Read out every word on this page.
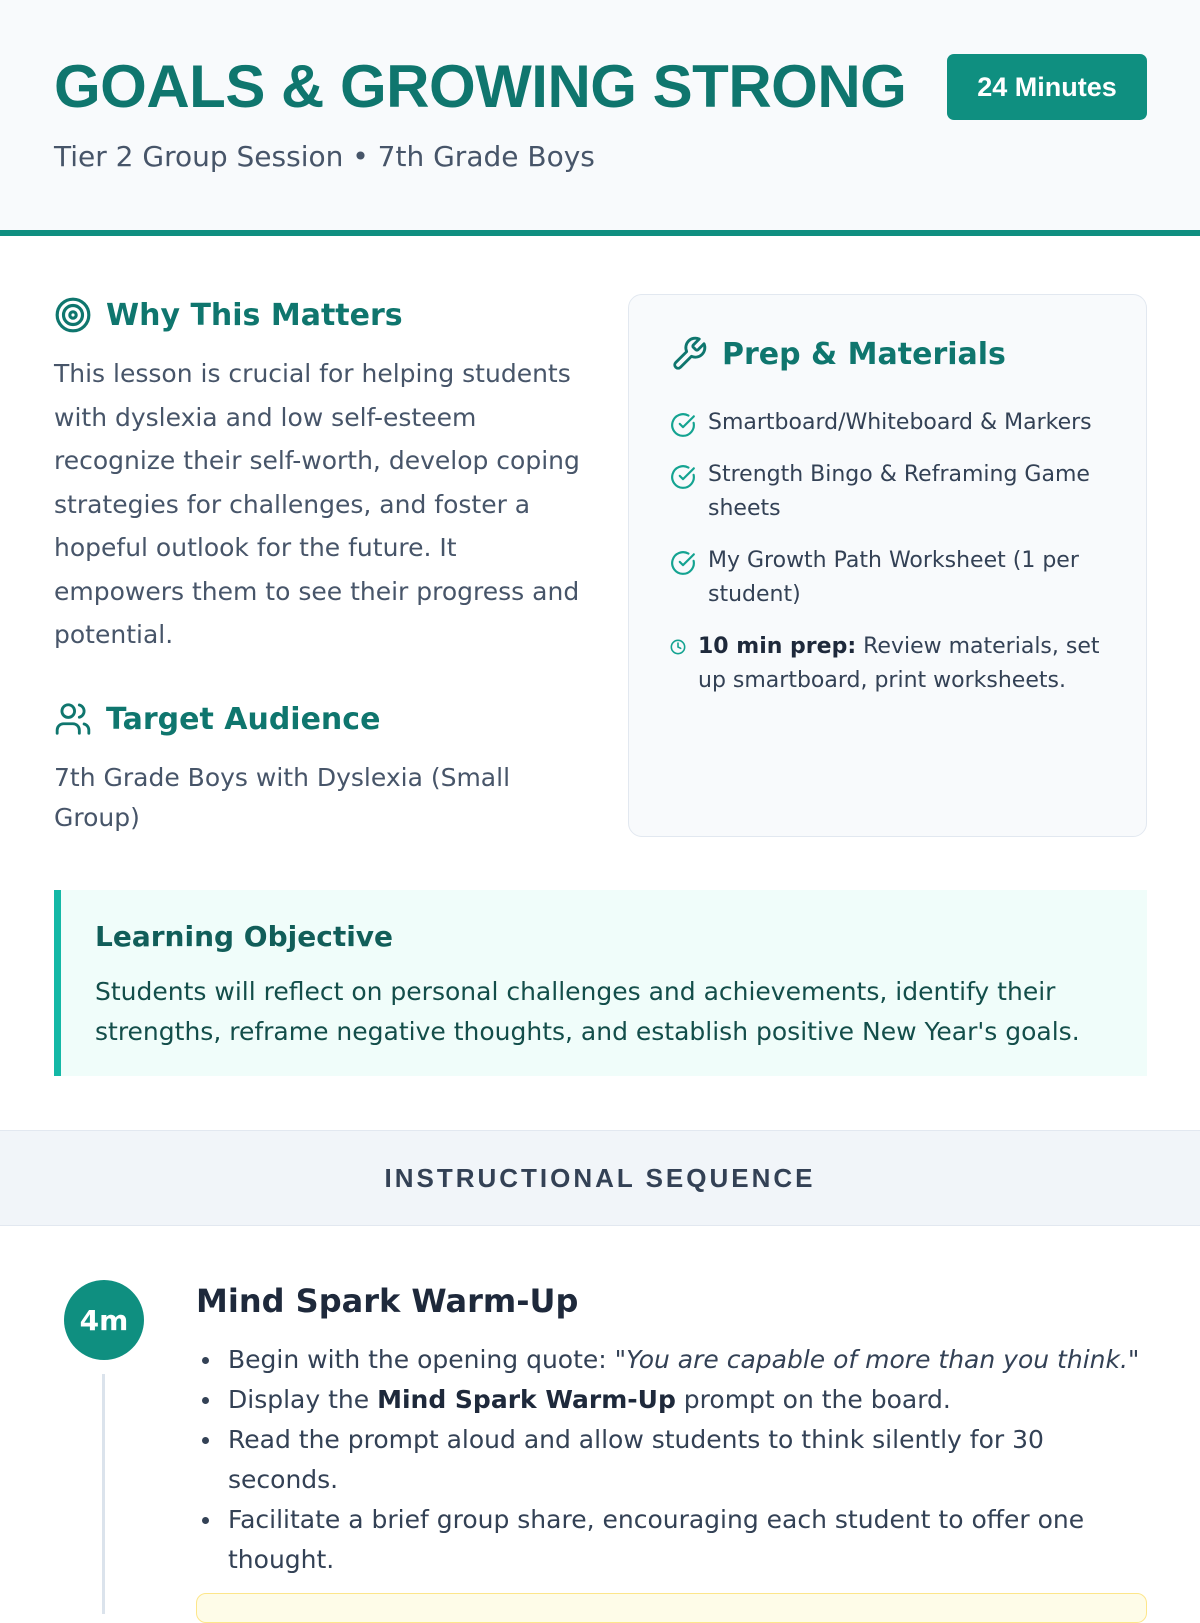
GOALS & GROWING STRONG	24 Minutes
Tier 2 Group Session • 7th Grade Boys
Why This Matters

This lesson is crucial for helping students with dyslexia and low self-esteem recognize their self-worth, develop coping strategies for challenges, and foster a hopeful outlook for the future. It empowers them to see their progress and potential.

Target Audience

7th Grade Boys with Dyslexia (Small Group)

Prep & Materials
Smartboard/Whiteboard & Markers
Strength Bingo & Reframing Game sheets
My Growth Path Worksheet (1 per student)
10 min prep: Review materials, set up smartboard, print worksheets.
Learning Objective

Students will reflect on personal challenges and achievements, identify their strengths, reframe negative thoughts, and establish positive New Year's goals.

INSTRUCTIONAL SEQUENCE
4m	Mind Spark Warm-Up
Begin with the opening quote: "You are capable of more than you think."
Display the Mind Spark Warm-Up prompt on the board.
Read the prompt aloud and allow students to think silently for 30 seconds.
Facilitate a brief group share, encouraging each student to offer one thought.
